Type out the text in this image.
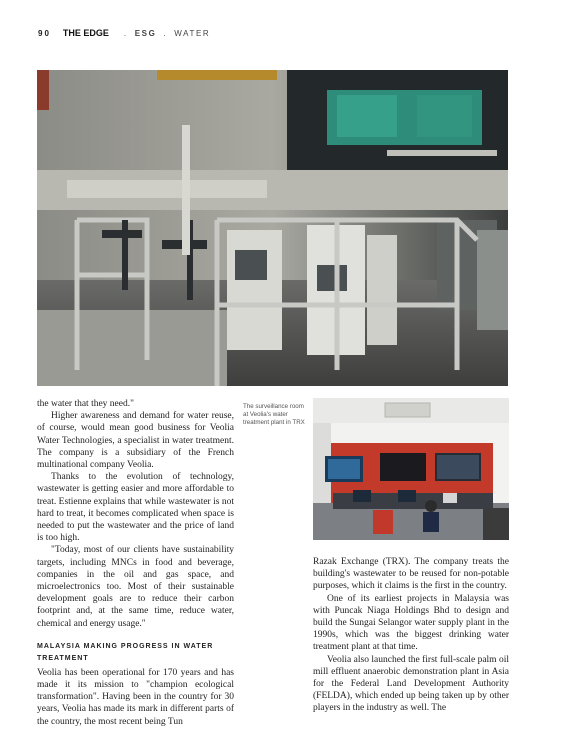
90 THE EDGE . ESG . WATER
The surveillance room at Veolia's water treatment plant in TRX

the water that they need."

Higher awareness and demand for water reuse, of course, would mean good business for Veolia Water Technologies, a specialist in water treatment. The company is a subsidiary of the French multinational company Veolia.

Thanks to the evolution of technology, wastewater is getting easier and more affordable to treat. Estienne explains that while wastewater is not hard to treat, it becomes complicated when space is needed to put the wastewater and the price of land is too high.

"Today, most of our clients have sustainability targets, including MNCs in food and beverage, companies in the oil and gas space, and microelectronics too. Most of their sustainable development goals are to reduce their carbon footprint and, at the same time, reduce water, chemical and energy usage."

MALAYSIA MAKING PROGRESS IN WATER TREATMENT

Veolia has been operational for 170 years and has made it its mission to "champion ecological transformation". Having been in the country for 30 years, Veolia has made its mark in different parts of the country, the most recent being Tun

Razak Exchange (TRX). The company treats the building's wastewater to be reused for non-potable purposes, which it claims is the first in the country.

One of its earliest projects in Malaysia was with Puncak Niaga Holdings Bhd to design and build the Sungai Selangor water supply plant in the 1990s, which was the biggest drinking water treatment plant at that time.

Veolia also launched the first full-scale palm oil mill effluent anaerobic demonstration plant in Asia for the Federal Land Development Authority (FELDA), which ended up being taken up by other players in the industry as well. The
